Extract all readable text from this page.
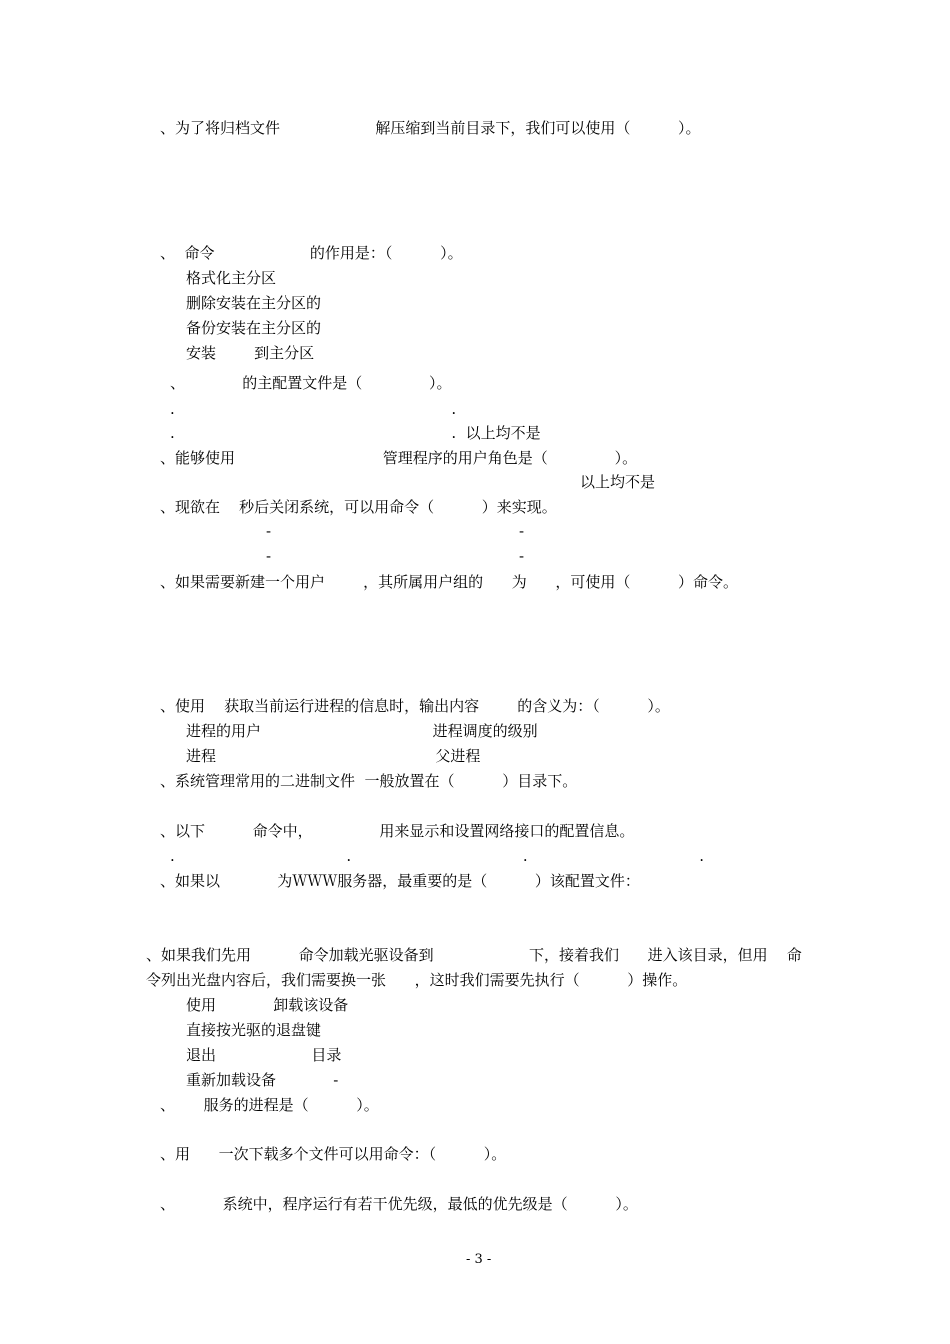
、为了将归档文件                    解压缩到当前目录下，我们可以使用（          ）。
、  命令                    的作用是：（          ）。
格式化主分区
删除安装在主分区的
备份安装在主分区的
安装        到主分区
、            的主配置文件是（              ）。
.                                                          .
.                                                          .  以上均不是
、能够使用                               管理程序的用户角色是（              ）。
以上均不是
、现欲在    秒后关闭系统，可以用命令（          ）来实现。
-                                                    -
-                                                    -
、如果需要新建一个用户        ，其所属用户组的      为      ，可使用（          ）命令。
、使用    获取当前运行进程的信息时，输出内容        的含义为：（          ）。
进程的用户                                    进程调度的级别
进程                                              父进程
、系统管理常用的二进制文件  一般放置在（          ）目录下。
、以下          命令中，              用来显示和设置网络接口的配置信息。
.                                    .                                    .                                    .
、如果以            为ＷＷＷ服务器，最重要的是（          ）该配置文件：
、如果我们先用          命令加载光驱设备到                    下，接着我们      进入该目录，但用    命
令列出光盘内容后，我们需要换一张      ，这时我们需要先执行（          ）操作。
使用            卸载该设备
直接按光驱的退盘键
退出                    目录
重新加载设备            -
、      服务的进程是（          ）。
、用      一次下载多个文件可以用命令：（          ）。
、          系统中，程序运行有若干优先级，最低的优先级是（          ）。
- 3 -
